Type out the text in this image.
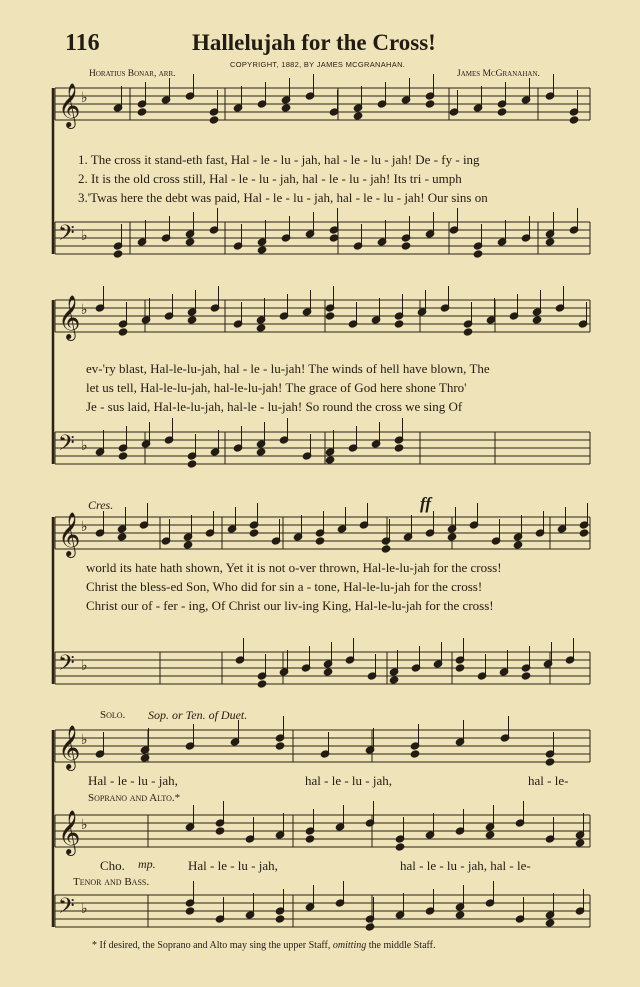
116	Hallelujah for the Cross!
COPYRIGHT, 1882, BY JAMES MCGRANAHAN.
Horatius Bonar, arr.	James McGranahan.
𝄞 ♭
𝄢 ♭
𝄞 ♭
𝄢 ♭
𝄞 ♭
𝄢 ♭
𝄞 ♭
𝄞 ♭
𝄢 ♭
1. The cross it stand-eth fast, Hal - le - lu - jah, hal - le - lu - jah! De - fy - ing
2. It is the old cross still, Hal - le - lu - jah, hal - le - lu - jah! Its tri - umph
3.'Twas here the debt was paid, Hal - le - lu - jah, hal - le - lu - jah! Our sins on
ev-'ry blast, Hal-le-lu-jah, hal - le - lu-jah! The winds of hell have blown, The
let us tell, Hal-le-lu-jah, hal-le-lu-jah! The grace of God here shone Thro'
Je - sus laid, Hal-le-lu-jah, hal-le - lu-jah! So round the cross we sing Of
Cres.	ff
world its hate hath shown, Yet it is not o-ver thrown, Hal-le-lu-jah for the cross!
Christ the bless-ed Son, Who did for sin a - tone, Hal-le-lu-jah for the cross!
Christ our of - fer - ing, Of Christ our liv-ing King, Hal-le-lu-jah for the cross!
Solo. Sop. or Ten. of Duet.
Hal - le - lu - jah,	hal - le - lu - jah,	hal - le-
Soprano and Alto.*
Cho. mp. Hal - le - lu - jah,	hal - le - lu - jah, hal - le-
Tenor and Bass.
* If desired, the Soprano and Alto may sing the upper Staff, omitting the middle Staff.
